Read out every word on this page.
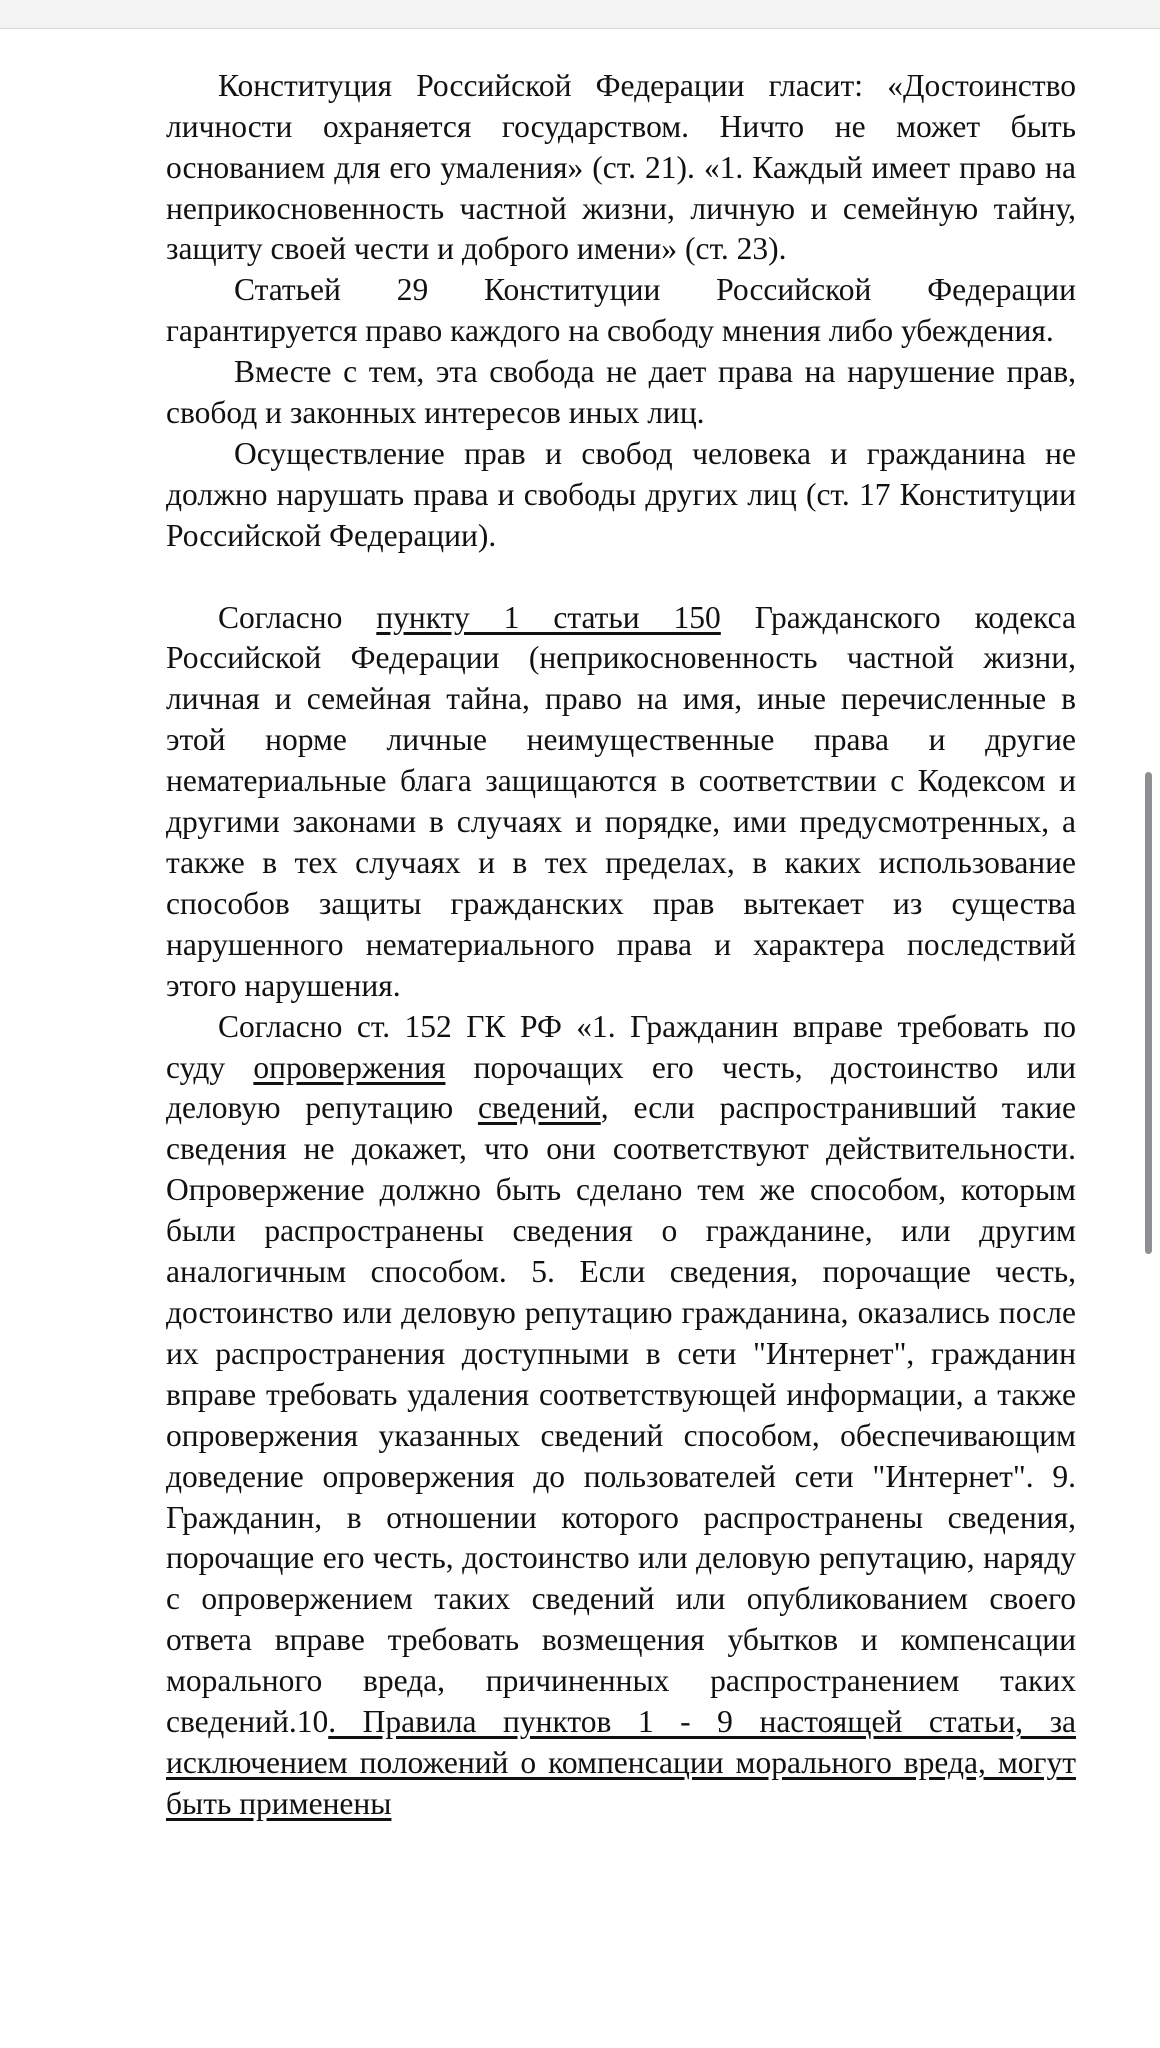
Конституция Российской Федерации гласит: «Достоинство личности охраняется государством. Ничто не может быть основанием для его умаления» (ст. 21). «1. Каждый имеет право на неприкосновенность частной жизни, личную и семейную тайну, защиту своей чести и доброго имени» (ст. 23).

Статьей 29 Конституции Российской Федерации гарантируется право каждого на свободу мнения либо убеждения.

Вместе с тем, эта свобода не дает права на нарушение прав, свобод и законных интересов иных лиц.

Осуществление прав и свобод человека и гражданина не должно нарушать права и свободы других лиц (ст. 17 Конституции Российской Федерации).

Согласно пункту 1 статьи 150 Гражданского кодекса Российской Федерации (неприкосновенность частной жизни, личная и семейная тайна, право на имя, иные перечисленные в этой норме личные неимущественные права и другие нематериальные блага защищаются в соответствии с Кодексом и другими законами в случаях и порядке, ими предусмотренных, а также в тех случаях и в тех пределах, в каких использование способов защиты гражданских прав вытекает из существа нарушенного нематериального права и характера последствий этого нарушения.

Согласно ст. 152 ГК РФ «1. Гражданин вправе требовать по суду опровержения порочащих его честь, достоинство или деловую репутацию сведений, если распространивший такие сведения не докажет, что они соответствуют действительности. Опровержение должно быть сделано тем же способом, которым были распространены сведения о гражданине, или другим аналогичным способом. 5. Если сведения, порочащие честь, достоинство или деловую репутацию гражданина, оказались после их распространения доступными в сети "Интернет", гражданин вправе требовать удаления соответствующей информации, а также опровержения указанных сведений способом, обеспечивающим доведение опровержения до пользователей сети "Интернет". 9. Гражданин, в отношении которого распространены сведения, порочащие его честь, достоинство или деловую репутацию, наряду с опровержением таких сведений или опубликованием своего ответа вправе требовать возмещения убытков и компенсации морального вреда, причиненных распространением таких сведений.10. Правила пунктов 1 - 9 настоящей статьи, за исключением положений о компенсации морального вреда, могут быть применены
